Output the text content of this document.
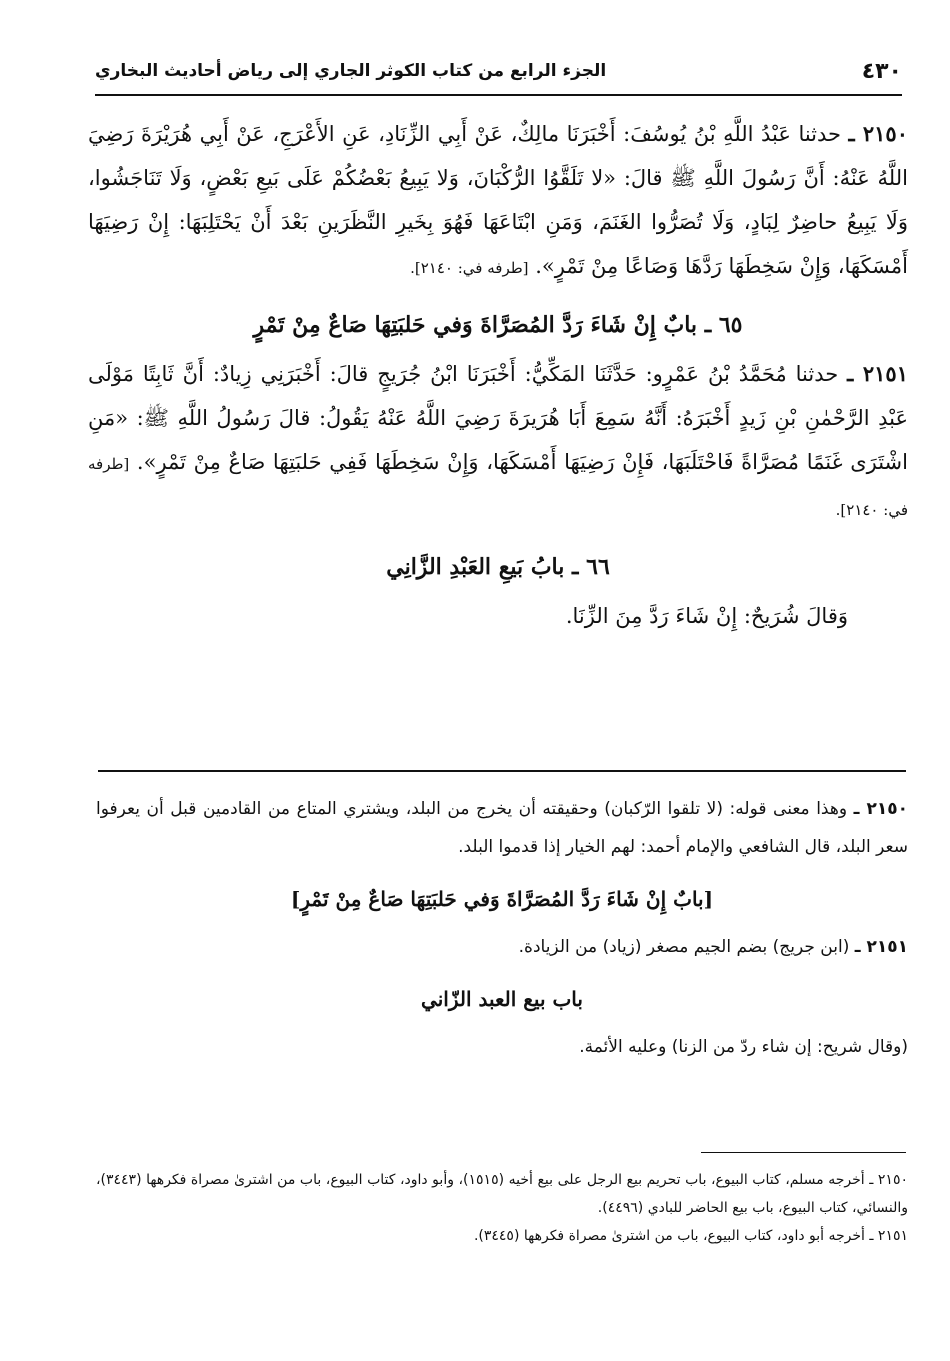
٤٣٠
الجزء الرابع من كتاب الكوثر الجاري إلى رياض أحاديث البخاري

٢١٥٠ ـ حدثنا عَبْدُ اللَّهِ بْنُ يُوسُفَ: أَخْبَرَنَا مالِكٌ، عَنْ أَبِي الزِّنَادِ، عَنِ الأَعْرَجِ، عَنْ أَبِي هُرَيْرَةَ رَضِيَ اللَّهُ عَنْهُ: أَنَّ رَسُولَ اللَّهِ ﷺ قالَ: «لا تَلَقَّوُا الرُّكْبَانَ، وَلا يَبِيعُ بَعْضُكُمْ عَلَى بَيعِ بَعْضٍ، وَلَا تَنَاجَشُوا، وَلَا يَبِيعُ حاضِرٌ لِبَادٍ، وَلَا تُصَرُّوا الغَنَمَ، وَمَنِ ابْتَاعَهَا فَهُوَ بِخَيرِ النَّظَرَينِ بَعْدَ أَنْ يَحْتَلِبَهَا: إِنْ رَضِيَهَا أَمْسَكَهَا، وَإِنْ سَخِطَهَا رَدَّهَا وَصَاعًا مِنْ تَمْرٍ». [طرفه في: ٢١٤٠].

٦٥ ـ بابٌ إِنْ شَاءَ رَدَّ المُصَرَّاةَ وَفي حَلبَتِهَا صَاعٌ مِنْ تَمْرٍ

٢١٥١ ـ حدثنا مُحَمَّدُ بْنُ عَمْرٍو: حَدَّثَنَا المَكِّيُّ: أَخْبَرَنَا ابْنُ جُرَيجٍ قالَ: أَخْبَرَنِي زِيادٌ: أَنَّ ثَابِتًا مَوْلَى عَبْدِ الرَّحْمٰنِ بْنِ زَيدٍ أَخْبَرَهُ: أَنَّهُ سَمِعَ أَبَا هُرَيرَةَ رَضِيَ اللَّهُ عَنْهُ يَقُولُ: قالَ رَسُولُ اللَّهِ ﷺ: «مَنِ اشْتَرَى غَنَمًا مُصَرَّاةً فَاحْتَلَبَهَا، فَإِنْ رَضِيَهَا أَمْسَكَهَا، وَإِنْ سَخِطَهَا فَفِي حَلبَتِهَا صَاعٌ مِنْ تَمْرٍ». [طرفه في: ٢١٤٠].

٦٦ ـ بابُ بَيعِ العَبْدِ الزَّانِي

وَقالَ شُرَيحٌ: إِنْ شَاءَ رَدَّ مِنَ الزِّنَا.

٢١٥٠ ـ وهذا معنى قوله: (لا تلقوا الرّكبان) وحقيقته أن يخرج من البلد، ويشتري المتاع من القادمين قبل أن يعرفوا سعر البلد، قال الشافعي والإمام أحمد: لهم الخيار إذا قدموا البلد.

[بابٌ إِنْ شَاءَ رَدَّ المُصَرَّاةَ وَفي حَلبَتِهَا صَاعٌ مِنْ تَمْرٍ]

٢١٥١ ـ (ابن جريج) بضم الجيم مصغر (زياد) من الزيادة.

باب بيع العبد الزّاني

(وقال شريح: إن شاء ردّ من الزنا) وعليه الأئمة.

٢١٥٠ ـ أخرجه مسلم، كتاب البيوع، باب تحريم بيع الرجل على بيع أخيه (١٥١٥)، وأبو داود، كتاب البيوع، باب من اشترىٰ مصراة فكرهها (٣٤٤٣)، والنسائي، كتاب البيوع، باب بيع الحاضر للبادي (٤٤٩٦).

٢١٥١ ـ أخرجه أبو داود، كتاب البيوع، باب من اشترىٰ مصراة فكرهها (٣٤٤٥).
